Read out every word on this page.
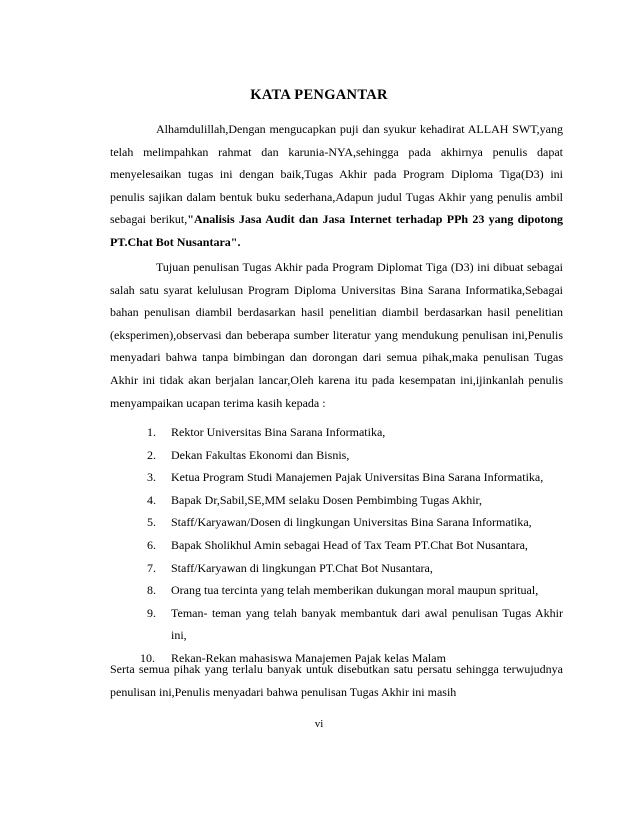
KATA PENGANTAR

Alhamdulillah,Dengan mengucapkan puji dan syukur kehadirat ALLAH SWT,yang telah melimpahkan rahmat dan karunia-NYA,sehingga pada akhirnya penulis dapat menyelesaikan tugas ini dengan baik,Tugas Akhir pada Program Diploma Tiga(D3) ini penulis sajikan dalam bentuk buku sederhana,Adapun judul Tugas Akhir yang penulis ambil sebagai berikut,"Analisis Jasa Audit dan Jasa Internet terhadap PPh 23 yang dipotong PT.Chat Bot Nusantara".

Tujuan penulisan Tugas Akhir pada Program Diplomat Tiga (D3) ini dibuat sebagai salah satu syarat kelulusan Program Diploma Universitas Bina Sarana Informatika,Sebagai bahan penulisan diambil berdasarkan hasil penelitian diambil berdasarkan hasil penelitian (eksperimen),observasi dan beberapa sumber literatur yang mendukung penulisan ini,Penulis menyadari bahwa tanpa bimbingan dan dorongan dari semua pihak,maka penulisan Tugas Akhir ini tidak akan berjalan lancar,Oleh karena itu pada kesempatan ini,ijinkanlah penulis menyampaikan ucapan terima kasih kepada :

1. Rektor Universitas Bina Sarana Informatika,
2. Dekan Fakultas Ekonomi dan Bisnis,
3. Ketua Program Studi Manajemen Pajak Universitas Bina Sarana Informatika,
4. Bapak Dr,Sabil,SE,MM selaku Dosen Pembimbing Tugas Akhir,
5. Staff/Karyawan/Dosen di lingkungan Universitas Bina Sarana Informatika,
6. Bapak Sholikhul Amin sebagai Head of Tax Team PT.Chat Bot Nusantara,
7. Staff/Karyawan di lingkungan PT.Chat Bot Nusantara,
8. Orang tua tercinta yang telah memberikan dukungan moral maupun spritual,
9. Teman- teman yang telah banyak membantuk dari awal penulisan Tugas Akhir ini,
10. Rekan-Rekan mahasiswa Manajemen Pajak kelas Malam

Serta semua pihak yang terlalu banyak untuk disebutkan satu persatu sehingga terwujudnya penulisan ini,Penulis menyadari bahwa penulisan Tugas Akhir ini masih

vi
